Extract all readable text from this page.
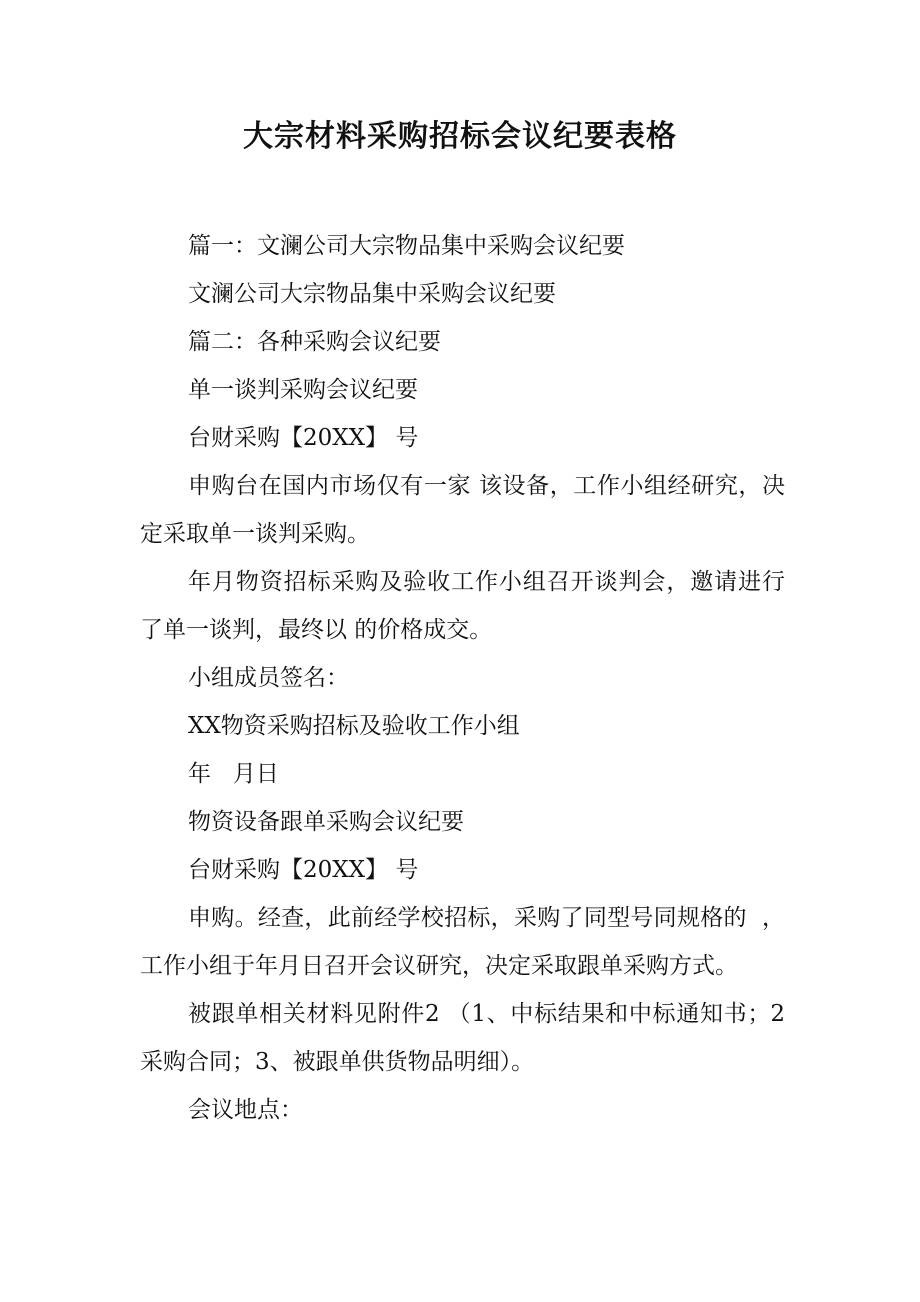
大宗材料采购招标会议纪要表格

篇一：文澜公司大宗物品集中采购会议纪要

文澜公司大宗物品集中采购会议纪要

篇二：各种采购会议纪要

单一谈判采购会议纪要

台财采购【20XX】 号

申购台在国内市场仅有一家 该设备，工作小组经研究，决定采取单一谈判采购。

年月物资招标采购及验收工作小组召开谈判会，邀请进行了单一谈判，最终以 的价格成交。

小组成员签名：

XX物资采购招标及验收工作小组

年   月日

物资设备跟单采购会议纪要

台财采购【20XX】 号

申购。经查，此前经学校招标，采购了同型号同规格的  ，工作小组于年月日召开会议研究，决定采取跟单采购方式。

被跟单相关材料见附件2 （1、中标结果和中标通知书；2采购合同；3、被跟单供货物品明细）。

会议地点：
